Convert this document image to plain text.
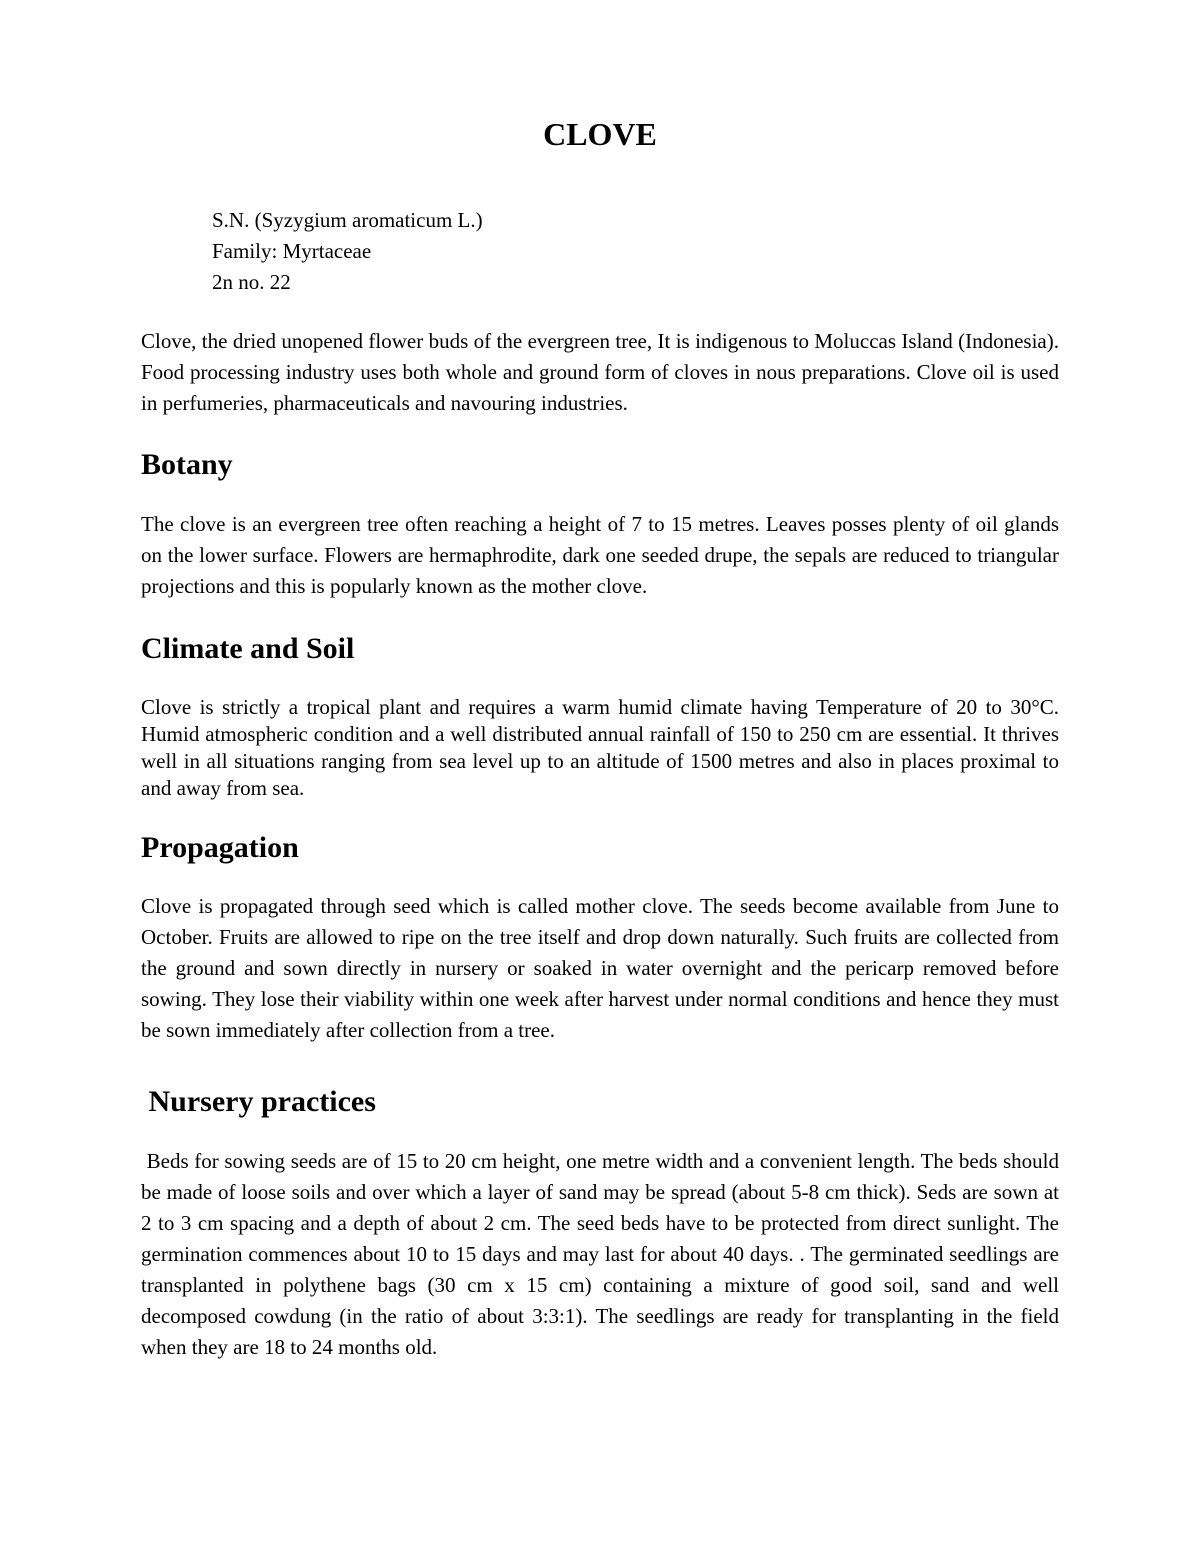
CLOVE
S.N. (Syzygium aromaticum L.)
Family: Myrtaceae
2n no. 22

Clove, the dried unopened flower buds of the evergreen tree, It is indigenous to Moluccas Island (Indonesia). Food processing industry uses both whole and ground form of cloves in nous preparations. Clove oil is used in perfumeries, pharmaceuticals and navouring industries.

Botany

The clove is an evergreen tree often reaching a height of 7 to 15 metres. Leaves posses plenty of oil glands on the lower surface. Flowers are hermaphrodite, dark one seeded drupe, the sepals are reduced to triangular projections and this is popularly known as the mother clove.

Climate and Soil

Clove is strictly a tropical plant and requires a warm humid climate having Temperature of 20 to 30°C. Humid atmospheric condition and a well distributed annual rainfall of 150 to 250 cm are essential. It thrives well in all situations ranging from sea level up to an altitude of 1500 metres and also in places proximal to and away from sea.

Propagation

Clove is propagated through seed which is called mother clove. The seeds become available from June to October. Fruits are allowed to ripe on the tree itself and drop down naturally. Such fruits are collected from the ground and sown directly in nursery or soaked in water overnight and the pericarp removed before sowing. They lose their viability within one week after harvest under normal conditions and hence they must be sown immediately after collection from a tree.

Nursery practices

Beds for sowing seeds are of 15 to 20 cm height, one metre width and a convenient length. The beds should be made of loose soils and over which a layer of sand may be spread (about 5-8 cm thick). Seds are sown at 2 to 3 cm spacing and a depth of about 2 cm. The seed beds have to be protected from direct sunlight. The germination commences about 10 to 15 days and may last for about 40 days. . The germinated seedlings are transplanted in polythene bags (30 cm x 15 cm) containing a mixture of good soil, sand and well decomposed cowdung (in the ratio of about 3:3:1). The seedlings are ready for transplanting in the field when they are 18 to 24 months old.
